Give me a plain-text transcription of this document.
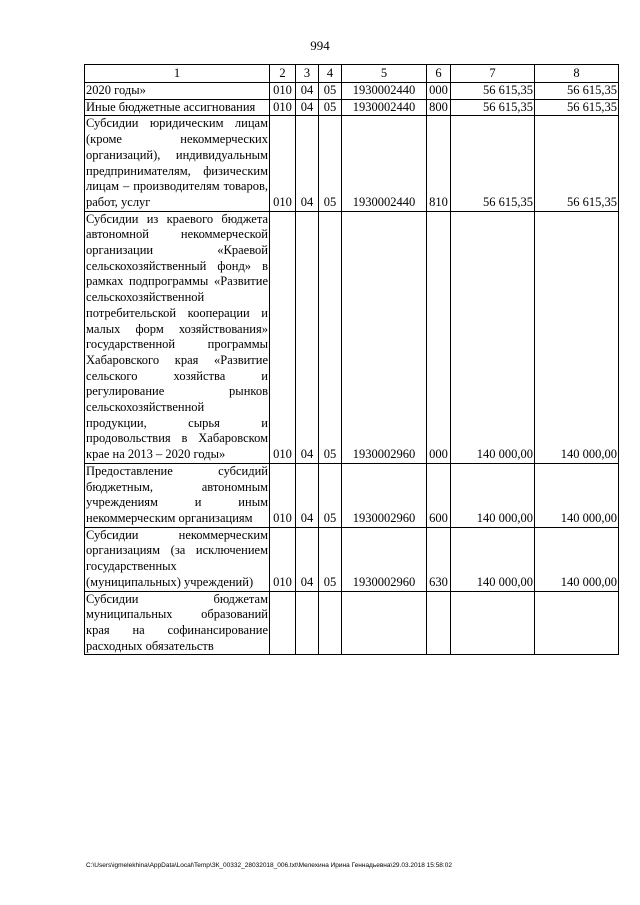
994
1	2	3	4	5	6	7	8

2020 годы»	010	04	05	1930002440	000	56 615,35	56 615,35

Иные бюджетные ассигнования	010	04	05	1930002440	800	56 615,35	56 615,35

Субсидии юридическим лицам (кроме некоммерческих организаций), индивидуальным предпринимателям, физическим лицам – производителям товаров, работ, услуг	010	04	05	1930002440	810	56 615,35	56 615,35

Субсидии из краевого бюджета автономной некоммерческой организации «Краевой сельскохозяйственный фонд» в рамках подпрограммы «Развитие сельскохозяйственной потребительской кооперации и малых форм хозяйствования» государственной программы Хабаровского края «Развитие сельского хозяйства и регулирование рынков сельскохозяйственной продукции, сырья и продовольствия в Хабаровском крае на 2013 – 2020 годы»	010	04	05	1930002960	000	140 000,00	140 000,00

Предоставление субсидий бюджетным, автономным учреждениям и иным некоммерческим организациям	010	04	05	1930002960	600	140 000,00	140 000,00

Субсидии некоммерческим организациям (за исключением государственных (муниципальных) учреждений)	010	04	05	1930002960	630	140 000,00	140 000,00

Субсидии бюджетам муниципальных образований края на софинансирование расходных обязательств							

C:\Users\igmelekhina\AppData\Local\Temp\ЗК_00332_28032018_006.txt\Мелехина Ирина Геннадьевна\29.03.2018 15:58:02
